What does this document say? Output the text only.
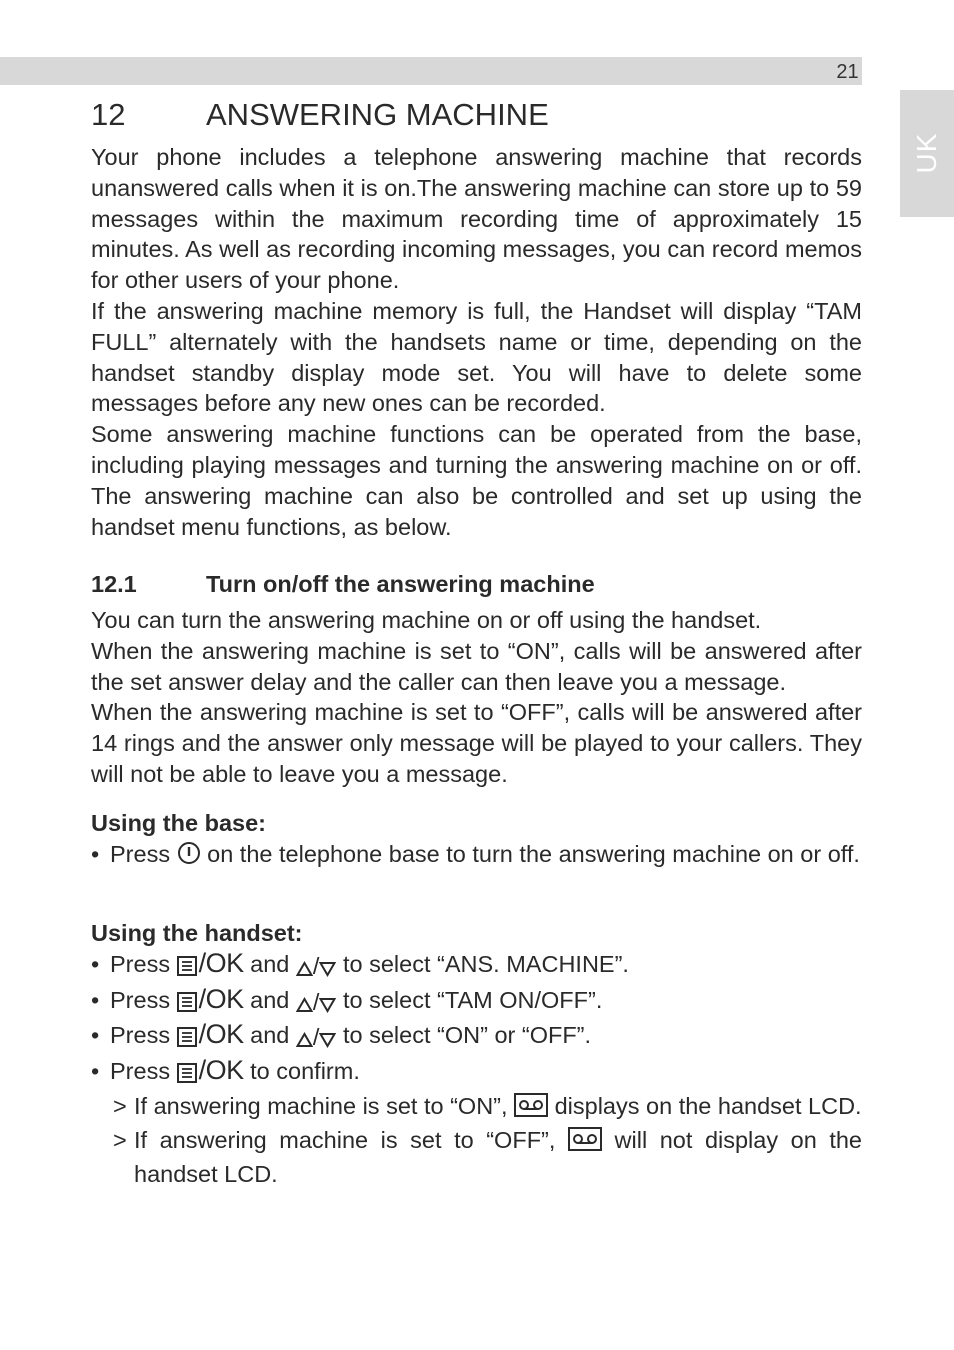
21
UK
12	ANSWERING MACHINE

Your phone includes a telephone answering machine that records unanswered calls when it is on.The answering machine can store up to 59 messages within the maximum recording time of approximately 15 minutes. As well as recording incoming messages, you can record memos for other users of your phone.

If the answering machine memory is full, the Handset will display “TAM FULL” alternately with the handsets name or time, depending on the handset standby display mode set. You will have to delete some messages before any new ones can be recorded.

Some answering machine functions can be operated from the base, including playing messages and turning the answering machine on or off. The answering machine can also be controlled and set up using the handset menu functions, as below.

12.1	Turn on/off the answering machine

You can turn the answering machine on or off using the handset.

When the answering machine is set to “ON”, calls will be answered after the set answer delay and the caller can then leave you a message.

When the answering machine is set to “OFF”, calls will be answered after 14 rings and the answer only message will be played to your callers. They will not be able to leave you a message.

Using the base:

• Press on the telephone base to turn the answering machine on or off.

Using the handset:

• Press /OK and / to select “ANS. MACHINE”.

• Press /OK and / to select “TAM ON/OFF”.

• Press /OK and / to select “ON” or “OFF”.

• Press /OK to confirm.

> If answering machine is set to “ON”, displays on the handset LCD.

> If answering machine is set to “OFF”,	will not display on the handset LCD.
